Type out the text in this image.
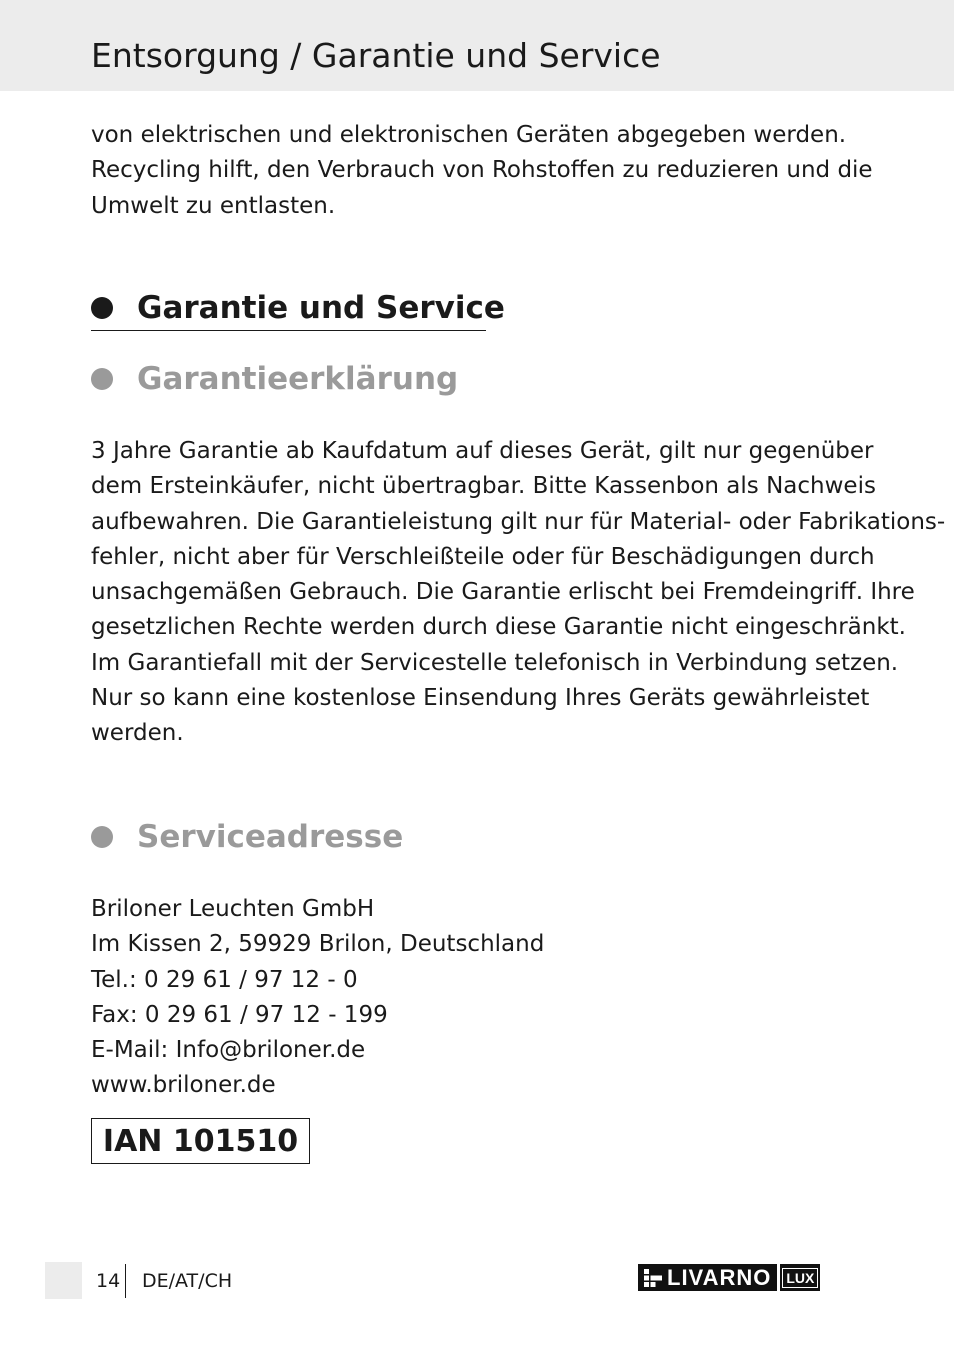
Entsorgung / Garantie und Service

von elektrischen und elektronischen Geräten abgegeben werden.
Recycling hilft, den Verbrauch von Rohstoffen zu reduzieren und die
Umwelt zu entlasten.

Garantie und Service
Garantieerklärung

3 Jahre Garantie ab Kaufdatum auf dieses Gerät, gilt nur gegenüber
dem Ersteinkäufer, nicht übertragbar. Bitte Kassenbon als Nachweis
aufbewahren. Die Garantieleistung gilt nur für Material- oder Fabrikations-
fehler, nicht aber für Verschleißteile oder für Beschädigungen durch
unsachgemäßen Gebrauch. Die Garantie erlischt bei Fremdeingriff. Ihre
gesetzlichen Rechte werden durch diese Garantie nicht eingeschränkt.
Im Garantiefall mit der Servicestelle telefonisch in Verbindung setzen.
Nur so kann eine kostenlose Einsendung Ihres Geräts gewährleistet
werden.

Serviceadresse

Briloner Leuchten GmbH
Im Kissen 2, 59929 Brilon, Deutschland
Tel.: 0 29 61 / 97 12 - 0
Fax: 0 29 61 / 97 12 - 199
E-Mail: Info@briloner.de
www.briloner.de

IAN 101510
14 DE/AT/CH	LIVARNO LUX
